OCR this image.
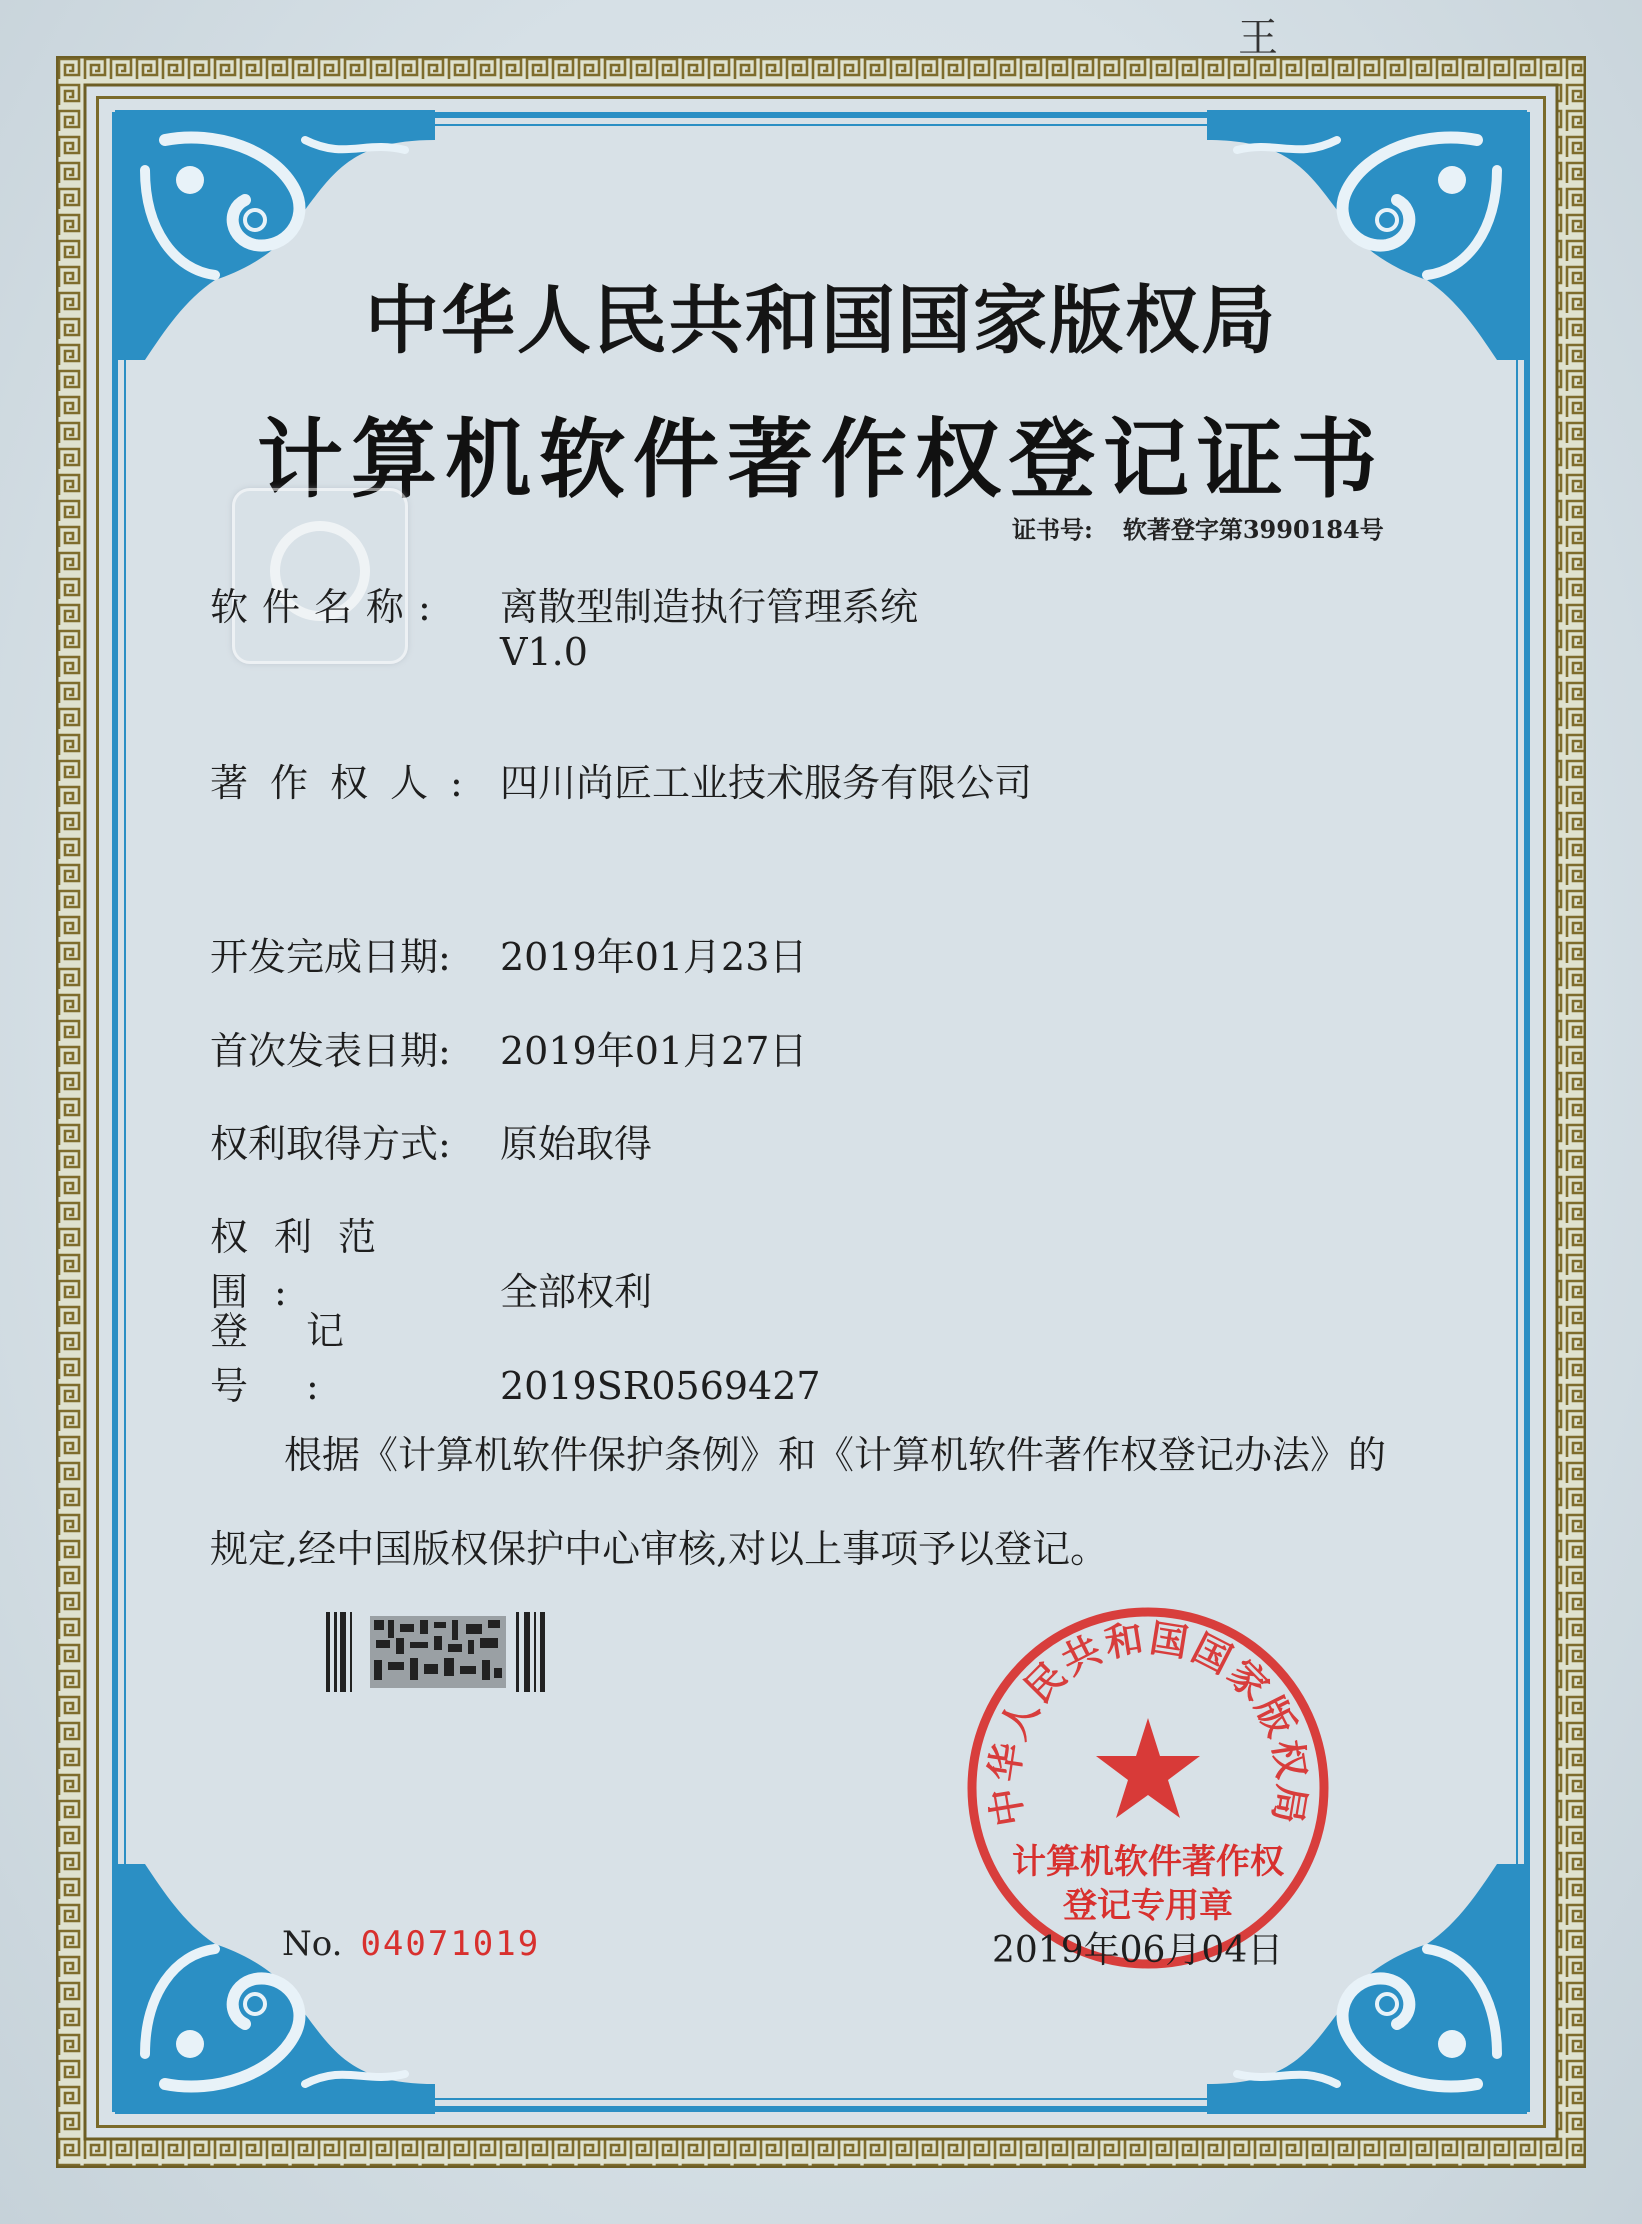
王
中华人民共和国国家版权局
计算机软件著作权登记证书
证书号: 软著登字第3990184号
软件名称: 离散型制造执行管理系统
V1.0
著作权人: 四川尚匠工业技术服务有限公司
开发完成日期: 2019年01月23日
首次发表日期: 2019年01月27日
权利取得方式: 原始取得
权利范围:	全部权利
登记号:	2019SR0569427
根据《计算机软件保护条例》和《计算机软件著作权登记办法》的
规定,经中国版权保护中心审核,对以上事项予以登记。
中华人民共和国国家版权局
计算机软件著作权
登记专用章
No. 04071019	2019年06月04日
